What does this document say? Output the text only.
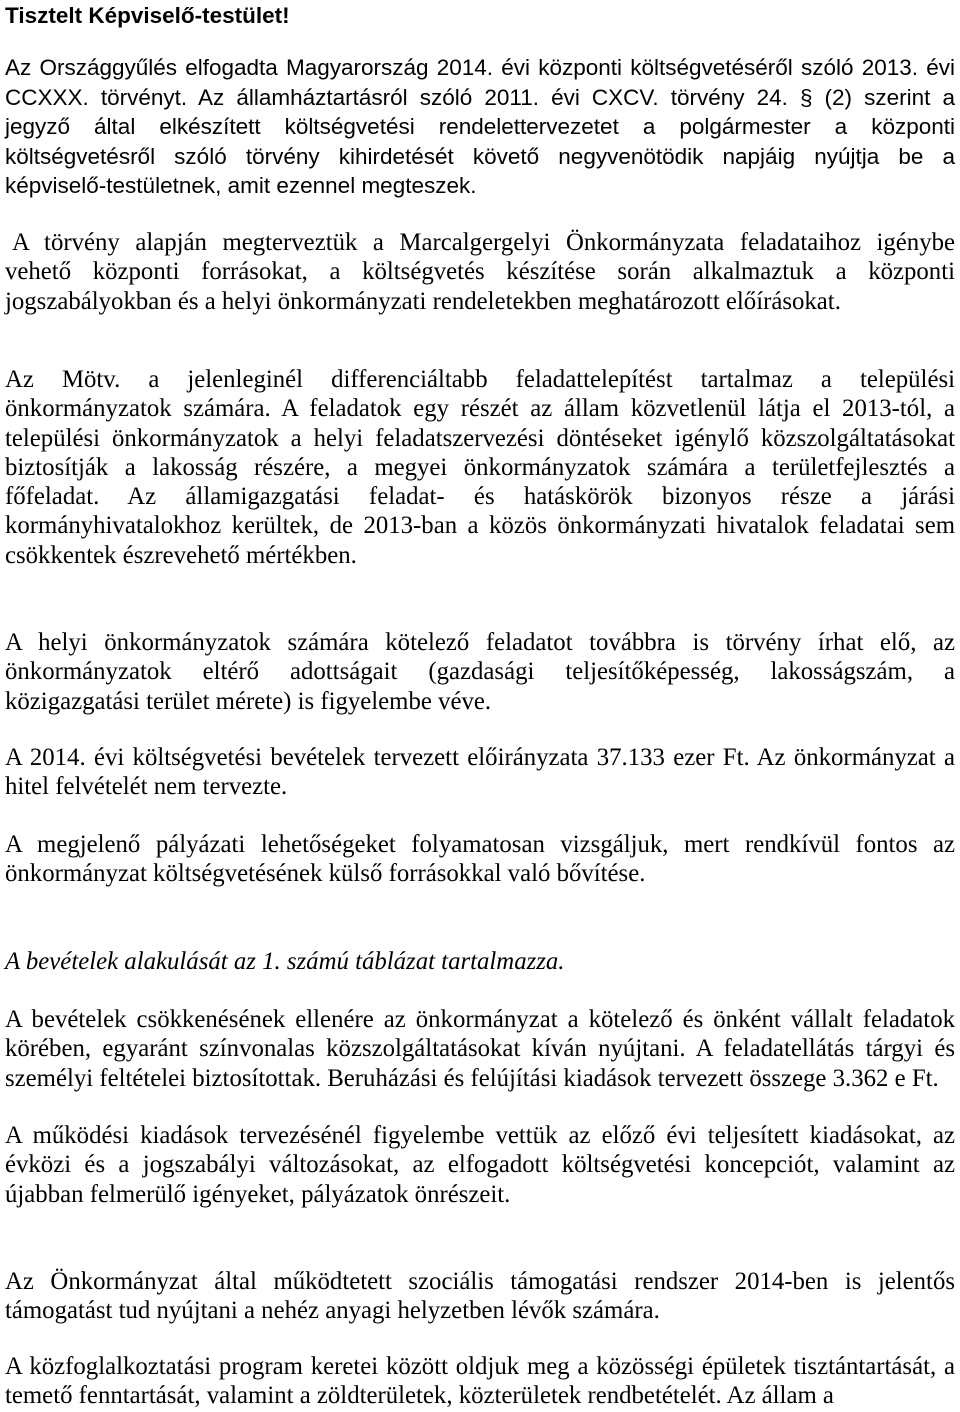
Tisztelt Képviselő-testület!
Az Országgyűlés elfogadta Magyarország 2014. évi központi költségvetéséről szóló 2013. évi
CCXXX. törvényt. Az államháztartásról szóló 2011. évi CXCV. törvény 24. § (2) szerint a
jegyző által elkészített költségvetési rendelettervezetet a polgármester a központi
költségvetésről szóló törvény kihirdetését követő negyvenötödik napjáig nyújtja be a
képviselő-testületnek, amit ezennel megteszek.
A törvény alapján megterveztük a Marcalgergelyi Önkormányzata feladataihoz igénybe
vehető központi forrásokat, a költségvetés készítése során alkalmaztuk a központi
jogszabályokban és a helyi önkormányzati rendeletekben meghatározott előírásokat.
Az Mötv. a jelenleginél differenciáltabb feladattelepítést tartalmaz a települési
önkormányzatok számára. A feladatok egy részét az állam közvetlenül látja el 2013-tól, a
települési önkormányzatok a helyi feladatszervezési döntéseket igénylő közszolgáltatásokat
biztosítják a lakosság részére, a megyei önkormányzatok számára a területfejlesztés a
főfeladat. Az államigazgatási feladat- és hatáskörök bizonyos része a járási
kormányhivatalokhoz kerültek, de 2013-ban a közös önkormányzati hivatalok feladatai sem
csökkentek észrevehető mértékben.
A helyi önkormányzatok számára kötelező feladatot továbbra is törvény írhat elő, az
önkormányzatok eltérő adottságait (gazdasági teljesítőképesség, lakosságszám, a
közigazgatási terület mérete) is figyelembe véve.
A 2014. évi költségvetési bevételek tervezett előirányzata 37.133 ezer Ft. Az önkormányzat a
hitel felvételét nem tervezte.
A megjelenő pályázati lehetőségeket folyamatosan vizsgáljuk, mert rendkívül fontos az
önkormányzat költségvetésének külső forrásokkal való bővítése.
A bevételek alakulását az 1. számú táblázat tartalmazza.
A bevételek csökkenésének ellenére az önkormányzat a kötelező és önként vállalt feladatok
körében, egyaránt színvonalas közszolgáltatásokat kíván nyújtani. A feladatellátás tárgyi és
személyi feltételei biztosítottak. Beruházási és felújítási kiadások tervezett összege 3.362 e Ft.
A működési kiadások tervezésénél figyelembe vettük az előző évi teljesített kiadásokat, az
évközi és a jogszabályi változásokat, az elfogadott költségvetési koncepciót, valamint az
újabban felmerülő igényeket, pályázatok önrészeit.
Az Önkormányzat által működtetett szociális támogatási rendszer 2014-ben is jelentős
támogatást tud nyújtani a nehéz anyagi helyzetben lévők számára.
A közfoglalkoztatási program keretei között oldjuk meg a közösségi épületek tisztántartását, a
temető fenntartását, valamint a zöldterületek, közterületek rendbetételét. Az állam a
